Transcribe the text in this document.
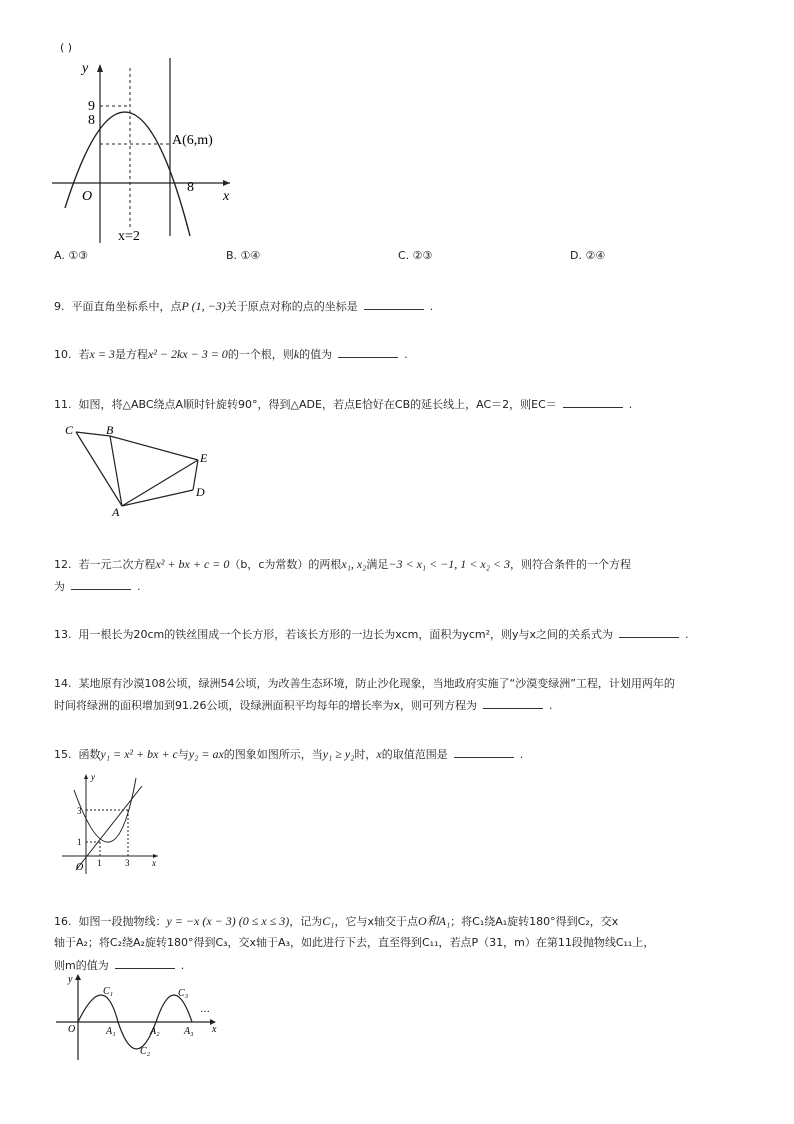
( )
y
x
O
9
8
8
A(6,m)
x=2
A. ①③	B. ①④	C. ②③	D. ②④
9. 平面直角坐标系中，点P (1, −3)关于原点对称的点的坐标是	.
10. 若x = 3是方程x² − 2kx − 3 = 0的一个根，则k的值为	.
11. 如图，将△ABC绕点A顺时针旋转90°，得到△ADE，若点E恰好在CB的延长线上，AC＝2，则EC＝	.
C	B
E
D
A
12. 若一元二次方程x² + bx + c = 0（b，c为常数）的两根x₁, x₂满足−3 < x₁ < −1, 1 < x₂ < 3，则符合条件的一个方程
为	.
13. 用一根长为20cm的铁丝围成一个长方形，若该长方形的一边长为xcm，面积为ycm²，则y与x之间的关系式为	.
14. 某地原有沙漠108公顷，绿洲54公顷，为改善生态环境，防止沙化现象，当地政府实施了“沙漠变绿洲”工程，计划用两年的
时间将绿洲的面积增加到91.26公顷，设绿洲面积平均每年的增长率为x，则可列方程为	.
15. 函数y₁ = x² + bx + c与y₂ = ax的图象如图所示，当y₁ ≥ y₂时，x的取值范围是	.
y
x
O
3
1
1	3
16. 如图一段抛物线：y = −x (x − 3) (0 ≤ x ≤ 3)，记为C₁，它与x轴交于点O和A₁；将C₁绕A₁旋转180°得到C₂，交x
轴于A₂；将C₂绕A₂旋转180°得到C₃，交x轴于A₃，如此进行下去，直至得到C₁₁，若点P（31，m）在第11段抛物线C₁₁上，
则m的值为	.
y
x
O
C₁
C₂
C₃
A₁	A₂ A₃
…
